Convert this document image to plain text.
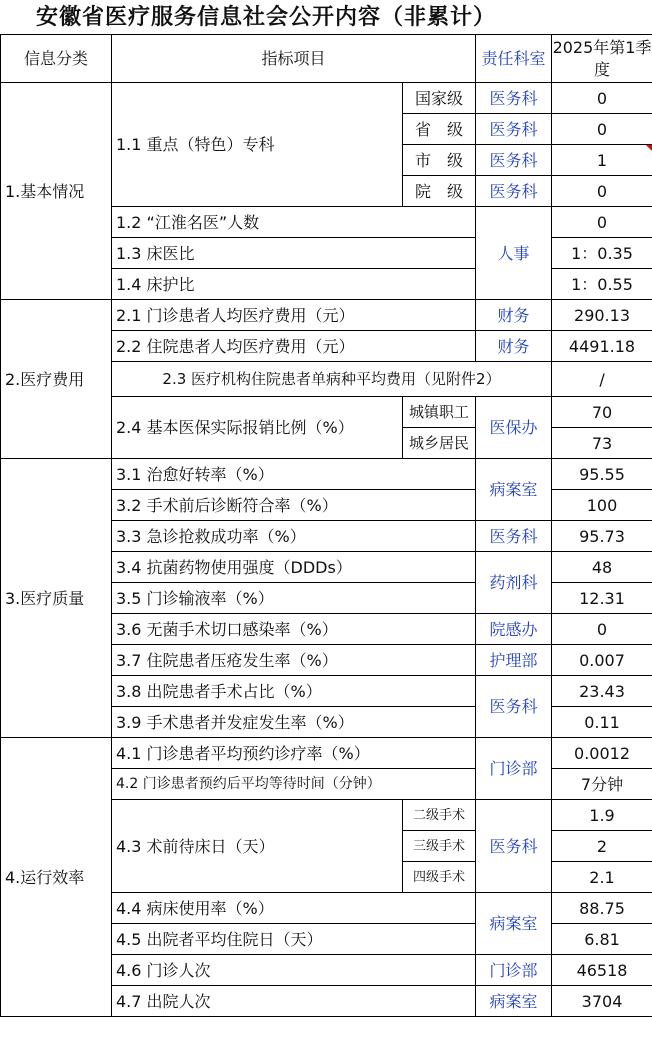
安徽省医疗服务信息社会公开内容（非累计）
信息分类	指标项目		责任科室	2025年第1季度
1.基本情况	1.1 重点（特色）专科	国家级	医务科	0
		省　级	医务科	0
		市　级	医务科	1
		院　级	医务科	0
	1.2 “江淮名医”人数		人事	0
	1.3 床医比			1：0.35
	1.4 床护比			1：0.55
2.医疗费用	2.1 门诊患者人均医疗费用（元）		财务	290.13
	2.2 住院患者人均医疗费用（元）		财务	4491.18
	2.3 医疗机构住院患者单病种平均费用（见附件2）			/
	2.4 基本医保实际报销比例（%）	城镇职工	医保办	70
		城乡居民		73
3.医疗质量	3.1 治愈好转率（%）		病案室	95.55
	3.2 手术前后诊断符合率（%）			100
	3.3 急诊抢救成功率（%）		医务科	95.73
	3.4 抗菌药物使用强度（DDDs）		药剂科	48
	3.5 门诊输液率（%）			12.31
	3.6 无菌手术切口感染率（%）		院感办	0
	3.7 住院患者压疮发生率（%）		护理部	0.007
	3.8 出院患者手术占比（%）		医务科	23.43
	3.9 手术患者并发症发生率（%）			0.11
4.运行效率	4.1 门诊患者平均预约诊疗率（%）		门诊部	0.0012
	4.2 门诊患者预约后平均等待时间（分钟）			7分钟
	4.3 术前待床日（天）	二级手术	医务科	1.9
		三级手术		2
		四级手术		2.1
	4.4 病床使用率（%）		病案室	88.75
	4.5 出院者平均住院日（天）			6.81
	4.6 门诊人次		门诊部	46518
	4.7 出院人次		病案室	3704
